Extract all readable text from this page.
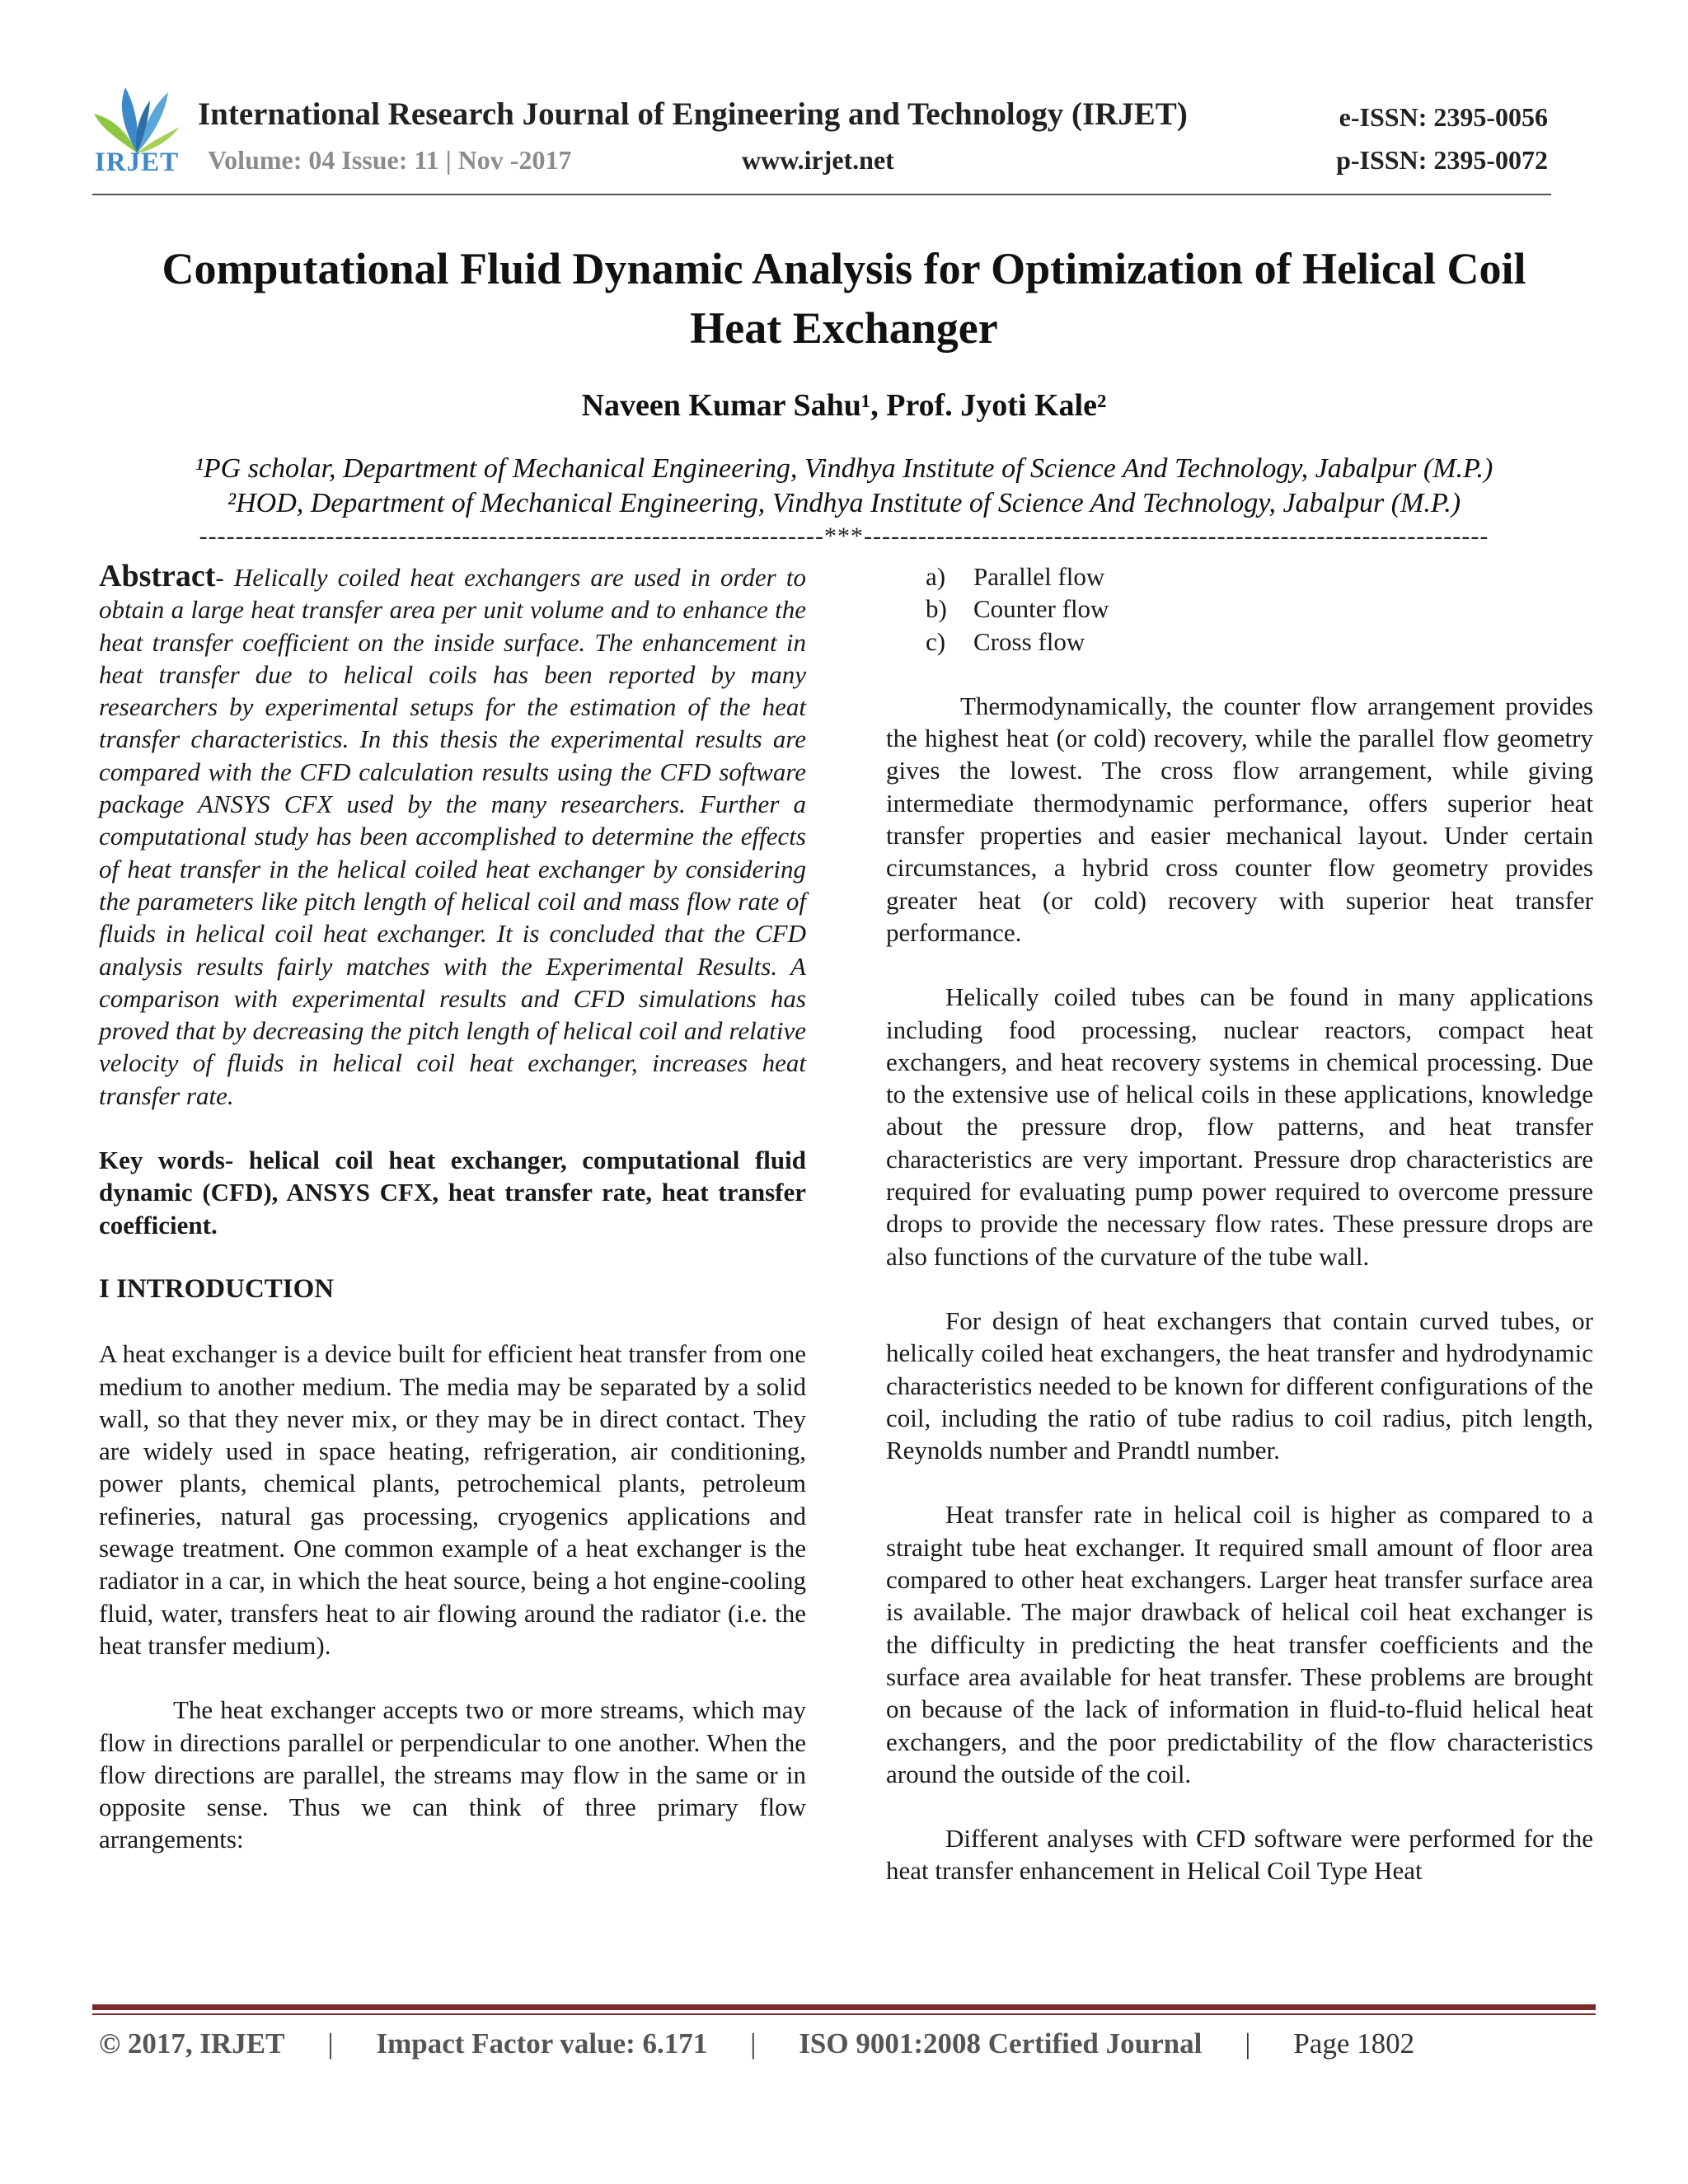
IRJET
International Research Journal of Engineering and Technology (IRJET)
Volume: 04 Issue: 11 | Nov -2017	www.irjet.net
e-ISSN: 2395-0056
p-ISSN: 2395-0072
Computational Fluid Dynamic Analysis for Optimization of Helical Coil
Heat Exchanger
Naveen Kumar Sahu¹, Prof. Jyoti Kale²
¹PG scholar, Department of Mechanical Engineering, Vindhya Institute of Science And Technology, Jabalpur (M.P.)
²HOD, Department of Mechanical Engineering, Vindhya Institute of Science And Technology, Jabalpur (M.P.)
---------------------------------------------------------------------***---------------------------------------------------------------------

Abstract- Helically coiled heat exchangers are used in order to obtain a large heat transfer area per unit volume and to enhance the heat transfer coefficient on the inside surface. The enhancement in heat transfer due to helical coils has been reported by many researchers by experimental setups for the estimation of the heat transfer characteristics. In this thesis the experimental results are compared with the CFD calculation results using the CFD software package ANSYS CFX used by the many researchers. Further a computational study has been accomplished to determine the effects of heat transfer in the helical coiled heat exchanger by considering the parameters like pitch length of helical coil and mass flow rate of fluids in helical coil heat exchanger. It is concluded that the CFD analysis results fairly matches with the Experimental Results. A comparison with experimental results and CFD simulations has proved that by decreasing the pitch length of helical coil and relative velocity of fluids in helical coil heat exchanger, increases heat transfer rate.

Key words- helical coil heat exchanger, computational fluid dynamic (CFD), ANSYS CFX, heat transfer rate, heat transfer coefficient.

I INTRODUCTION

A heat exchanger is a device built for efficient heat transfer from one medium to another medium. The media may be separated by a solid wall, so that they never mix, or they may be in direct contact. They are widely used in space heating, refrigeration, air conditioning, power plants, chemical plants, petrochemical plants, petroleum refineries, natural gas processing, cryogenics applications and sewage treatment. One common example of a heat exchanger is the radiator in a car, in which the heat source, being a hot engine-cooling fluid, water, transfers heat to air flowing around the radiator (i.e. the heat transfer medium).

The heat exchanger accepts two or more streams, which may flow in directions parallel or perpendicular to one another. When the flow directions are parallel, the streams may flow in the same or in opposite sense. Thus we can think of three primary flow arrangements:

a)	Parallel flow
b)	Counter flow
c)	Cross flow

Thermodynamically, the counter flow arrangement provides the highest heat (or cold) recovery, while the parallel flow geometry gives the lowest. The cross flow arrangement, while giving intermediate thermodynamic performance, offers superior heat transfer properties and easier mechanical layout. Under certain circumstances, a hybrid cross counter flow geometry provides greater heat (or cold) recovery with superior heat transfer performance.

Helically coiled tubes can be found in many applications including food processing, nuclear reactors, compact heat exchangers, and heat recovery systems in chemical processing. Due to the extensive use of helical coils in these applications, knowledge about the pressure drop, flow patterns, and heat transfer characteristics are very important. Pressure drop characteristics are required for evaluating pump power required to overcome pressure drops to provide the necessary flow rates. These pressure drops are also functions of the curvature of the tube wall.

For design of heat exchangers that contain curved tubes, or helically coiled heat exchangers, the heat transfer and hydrodynamic characteristics needed to be known for different configurations of the coil, including the ratio of tube radius to coil radius, pitch length, Reynolds number and Prandtl number.

Heat transfer rate in helical coil is higher as compared to a straight tube heat exchanger. It required small amount of floor area compared to other heat exchangers. Larger heat transfer surface area is available. The major drawback of helical coil heat exchanger is the difficulty in predicting the heat transfer coefficients and the surface area available for heat transfer. These problems are brought on because of the lack of information in fluid-to-fluid helical heat exchangers, and the poor predictability of the flow characteristics around the outside of the coil.

Different analyses with CFD software were performed for the heat transfer enhancement in Helical Coil Type Heat

© 2017, IRJET | Impact Factor value: 6.171 | ISO 9001:2008 Certified Journal | Page 1802
